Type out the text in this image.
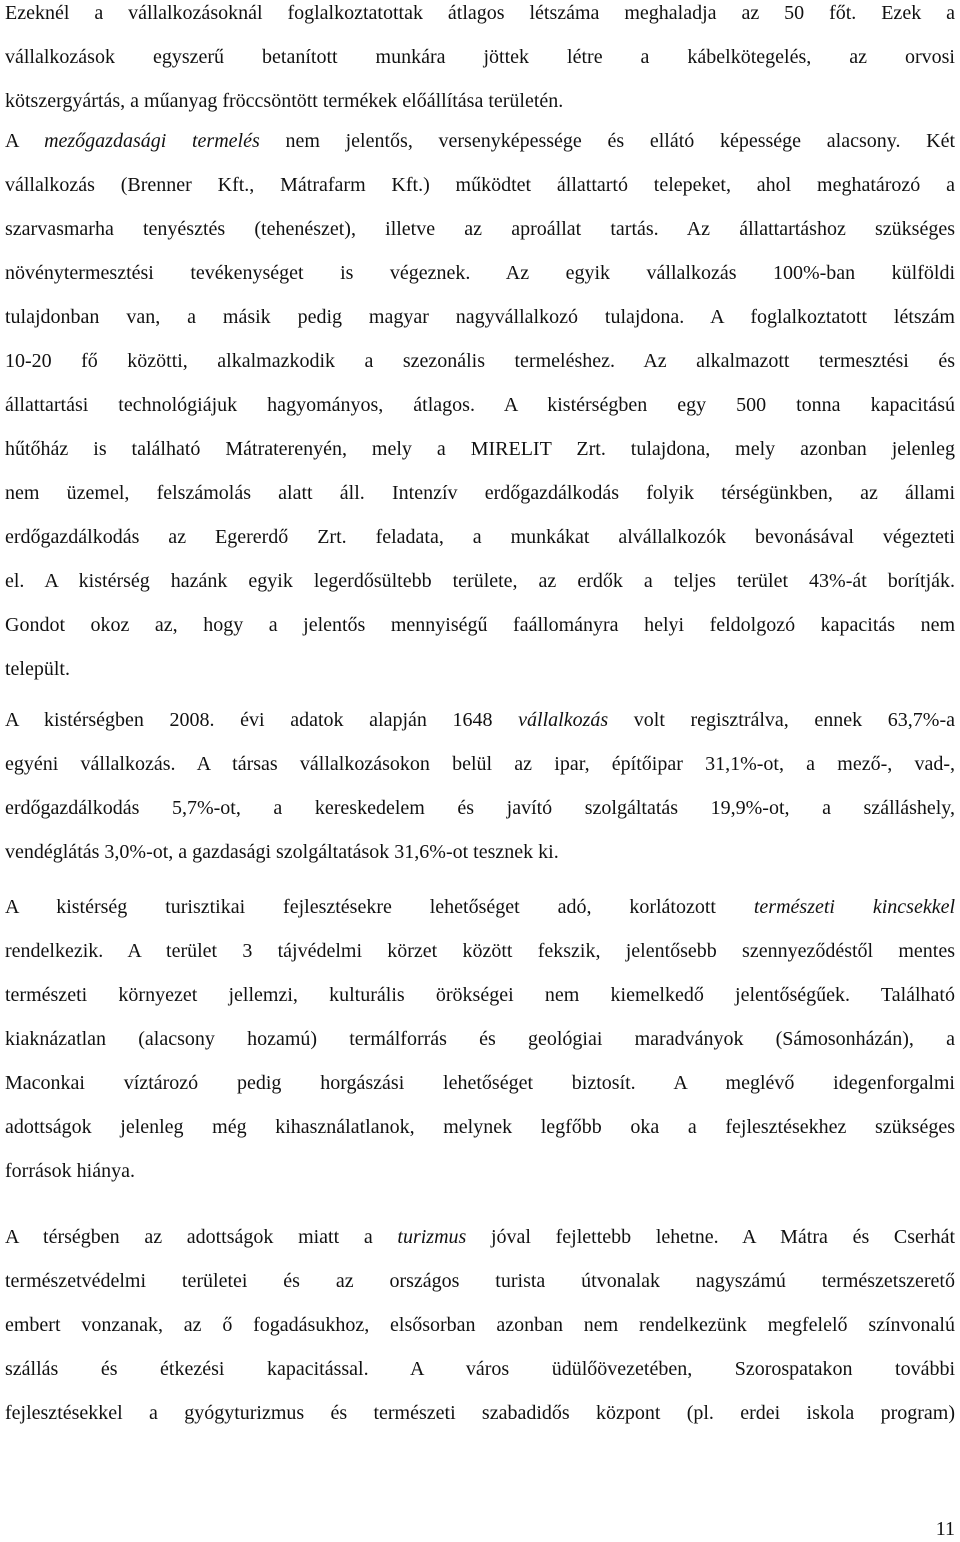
Ezeknél a vállalkozásoknál foglalkoztatottak átlagos létszáma meghaladja az 50 főt. Ezek a
vállalkozások egyszerű betanított munkára jöttek létre a kábelkötegelés, az orvosi
kötszergyártás, a műanyag fröccsöntött termékek előállítása területén.
A mezőgazdasági termelés nem jelentős, versenyképessége és ellátó képessége alacsony. Két
vállalkozás (Brenner Kft., Mátrafarm Kft.) működtet állattartó telepeket, ahol meghatározó a
szarvasmarha tenyésztés (tehenészet), illetve az aproállat tartás. Az állattartáshoz szükséges
növénytermesztési tevékenységet is végeznek. Az egyik vállalkozás 100%-ban külföldi
tulajdonban van, a másik pedig magyar nagyvállalkozó tulajdona. A foglalkoztatott létszám
10-20 fő közötti, alkalmazkodik a szezonális termeléshez. Az alkalmazott termesztési és
állattartási technológiájuk hagyományos, átlagos. A kistérségben egy 500 tonna kapacitású
hűtőház is található Mátraterenyén, mely a MIRELIT Zrt. tulajdona, mely azonban jelenleg
nem üzemel, felszámolás alatt áll. Intenzív erdőgazdálkodás folyik térségünkben, az állami
erdőgazdálkodás az Egererdő Zrt. feladata, a munkákat alvállalkozók bevonásával végezteti
el. A kistérség hazánk egyik legerdősültebb területe, az erdők a teljes terület 43%-át borítják.
Gondot okoz az, hogy a jelentős mennyiségű faállományra helyi feldolgozó kapacitás nem
települt.
A kistérségben 2008. évi adatok alapján 1648 vállalkozás volt regisztrálva, ennek 63,7%-a
egyéni vállalkozás. A társas vállalkozásokon belül az ipar, építőipar 31,1%-ot, a mező-, vad-,
erdőgazdálkodás 5,7%-ot, a kereskedelem és javító szolgáltatás 19,9%-ot, a szálláshely,
vendéglátás 3,0%-ot, a gazdasági szolgáltatások 31,6%-ot tesznek ki.
A kistérség turisztikai fejlesztésekre lehetőséget adó, korlátozott természeti kincsekkel
rendelkezik. A terület 3 tájvédelmi körzet között fekszik, jelentősebb szennyeződéstől mentes
természeti környezet jellemzi, kulturális örökségei nem kiemelkedő jelentőségűek. Található
kiaknázatlan (alacsony hozamú) termálforrás és geológiai maradványok (Sámosonházán), a
Maconkai víztározó pedig horgászási lehetőséget biztosít. A meglévő idegenforgalmi
adottságok jelenleg még kihasználatlanok, melynek legfőbb oka a fejlesztésekhez szükséges
források hiánya.
A térségben az adottságok miatt a turizmus jóval fejlettebb lehetne. A Mátra és Cserhát
természetvédelmi területei és az országos turista útvonalak nagyszámú természetszerető
embert vonzanak, az ő fogadásukhoz, elsősorban azonban nem rendelkezünk megfelelő színvonalú
szállás és étkezési kapacitással. A város üdülőövezetében, Szorospatakon további
fejlesztésekkel a gyógyturizmus és természeti szabadidős központ (pl. erdei iskola program)
11
